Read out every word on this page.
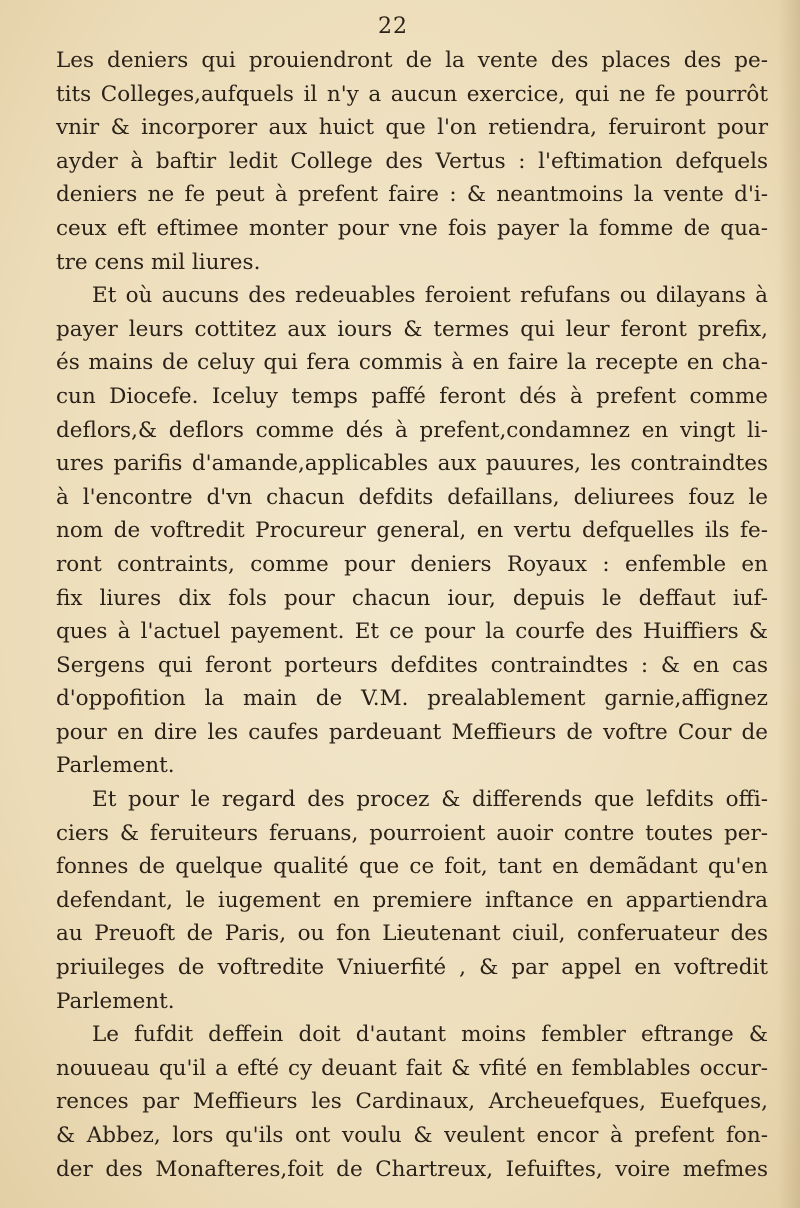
22
Les deniers qui prouiendront de la vente des places des pe-
tits Colleges,aufquels il n'y a aucun exercice, qui ne fe pourrôt
vnir & incorporer aux huict que l'on retiendra, feruiront pour
ayder à baftir ledit College des Vertus : l'eftimation defquels
deniers ne fe peut à prefent faire : & neantmoins la vente d'i-
ceux eft eftimee monter pour vne fois payer la fomme de qua-
tre cens mil liures.
Et où aucuns des redeuables feroient refufans ou dilayans à
payer leurs cottitez aux iours & termes qui leur feront prefix,
és mains de celuy qui fera commis à en faire la recepte en cha-
cun Diocefe. Iceluy temps paffé feront dés à prefent comme
deflors,& deflors comme dés à prefent,condamnez en vingt li-
ures parifis d'amande,applicables aux pauures, les contraindtes
à l'encontre d'vn chacun defdits defaillans, deliurees fouz le
nom de voftredit Procureur general, en vertu defquelles ils fe-
ront contraints, comme pour deniers Royaux : enfemble en
fix liures dix fols pour chacun iour, depuis le deffaut iuf-
ques à l'actuel payement. Et ce pour la courfe des Huiffiers &
Sergens qui feront porteurs defdites contraindtes : & en cas
d'oppofition la main de V.M. prealablement garnie,affignez
pour en dire les caufes pardeuant Meffieurs de voftre Cour de
Parlement.
Et pour le regard des procez & differends que lefdits offi-
ciers & feruiteurs feruans, pourroient auoir contre toutes per-
fonnes de quelque qualité que ce foit, tant en demãdant qu'en
defendant, le iugement en premiere inftance en appartiendra
au Preuoft de Paris, ou fon Lieutenant ciuil, conferuateur des
priuileges de voftredite Vniuerfité , & par appel en voftredit
Parlement.
Le fufdit deffein doit d'autant moins fembler eftrange &
nouueau qu'il a efté cy deuant fait & vfité en femblables occur-
rences par Meffieurs les Cardinaux, Archeuefques, Euefques,
& Abbez, lors qu'ils ont voulu & veulent encor à prefent fon-
der des Monafteres,foit de Chartreux, Iefuiftes, voire mefmes
